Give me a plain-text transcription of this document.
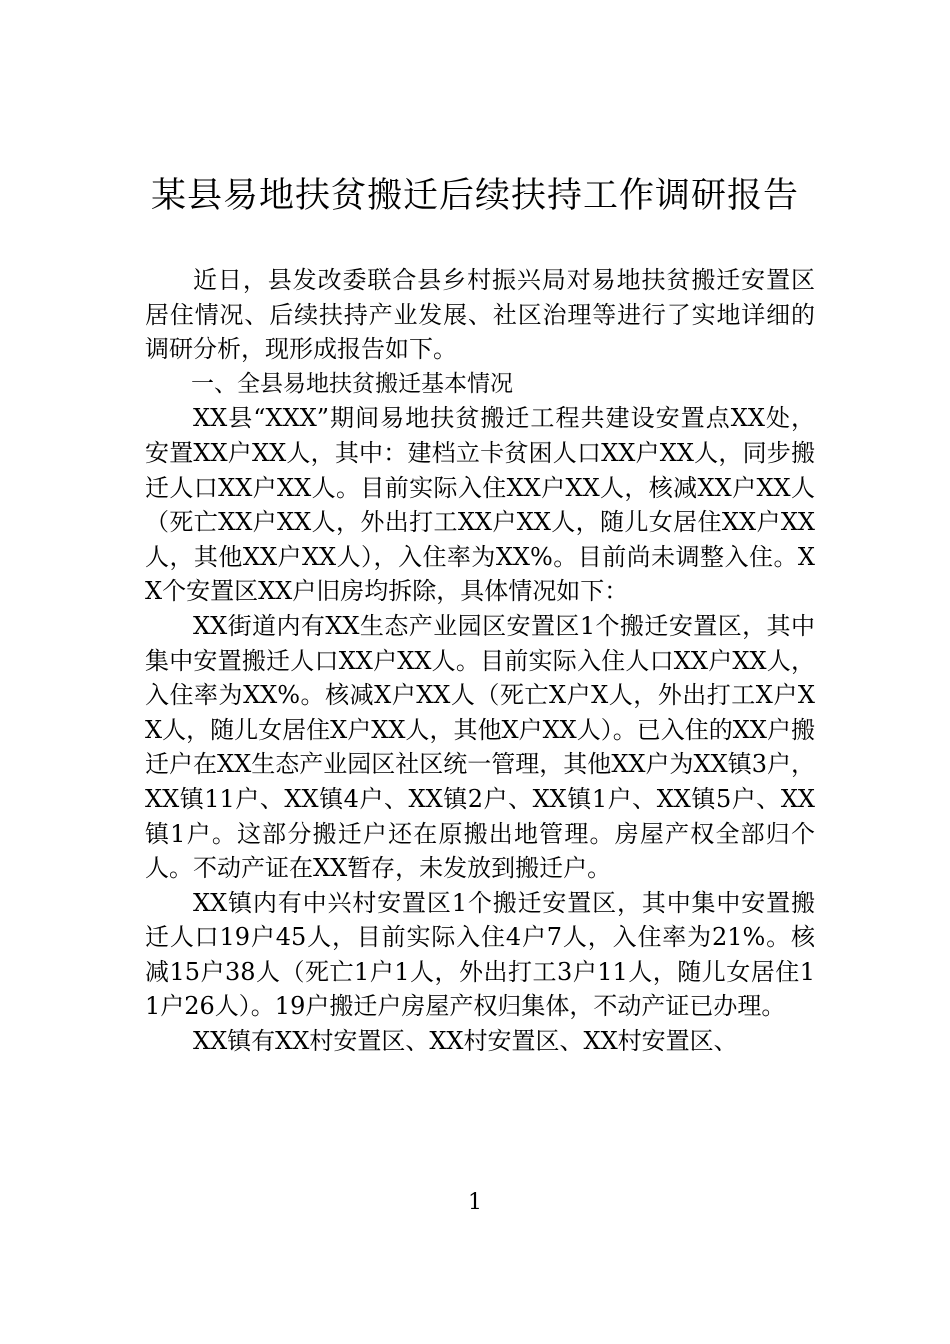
某县易地扶贫搬迁后续扶持工作调研报告

近日，县发改委联合县乡村振兴局对易地扶贫搬迁安置区居住情况、后续扶持产业发展、社区治理等进行了实地详细的调研分析，现形成报告如下。

一、全县易地扶贫搬迁基本情况

XX县“XXX”期间易地扶贫搬迁工程共建设安置点XX处，安置XX户XX人，其中：建档立卡贫困人口XX户XX人，同步搬迁人口XX户XX人。目前实际入住XX户XX人，核减XX户XX人（死亡XX户XX人，外出打工XX户XX人，随儿女居住XX户XX人，其他XX户XX人），入住率为XX%。目前尚未调整入住。XX个安置区XX户旧房均拆除，具体情况如下：

XX街道内有XX生态产业园区安置区1个搬迁安置区，其中集中安置搬迁人口XX户XX人。目前实际入住人口XX户XX人，入住率为XX%。核减X户XX人（死亡X户X人，外出打工X户XX人，随儿女居住X户XX人，其他X户XX人）。已入住的XX户搬迁户在XX生态产业园区社区统一管理，其他XX户为XX镇3户，XX镇11户、XX镇4户、XX镇2户、XX镇1户、XX镇5户、XX镇1户。这部分搬迁户还在原搬出地管理。房屋产权全部归个人。不动产证在XX暂存，未发放到搬迁户。

XX镇内有中兴村安置区1个搬迁安置区，其中集中安置搬迁人口19户45人，目前实际入住4户7人，入住率为21%。核减15户38人（死亡1户1人，外出打工3户11人，随儿女居住11户26人）。19户搬迁户房屋产权归集体，不动产证已办理。

XX镇有XX村安置区、XX村安置区、XX村安置区、

1
